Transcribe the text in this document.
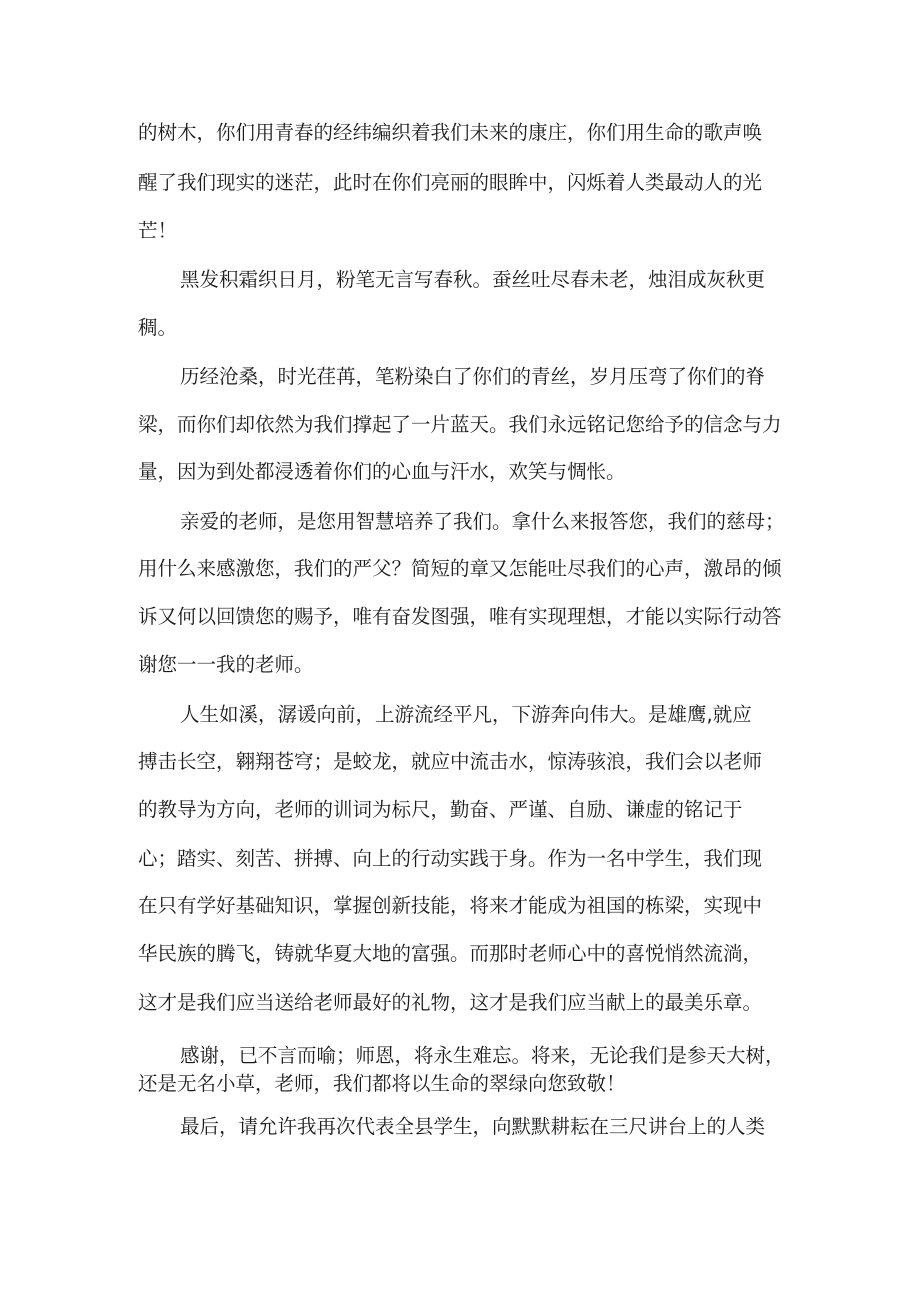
的树木，你们用青春的经纬编织着我们未来的康庄，你们用生命的歌声唤
醒了我们现实的迷茫，此时在你们亮丽的眼眸中，闪烁着人类最动人的光
芒！
黑发积霜织日月，粉笔无言写春秋。蚕丝吐尽春未老，烛泪成灰秋更
稠。
历经沧桑，时光荏苒，笔粉染白了你们的青丝，岁月压弯了你们的脊
梁，而你们却依然为我们撑起了一片蓝天。我们永远铭记您给予的信念与力
量，因为到处都浸透着你们的心血与汗水，欢笑与惆怅。
亲爱的老师，是您用智慧培养了我们。拿什么来报答您，我们的慈母；
用什么来感激您，我们的严父？简短的章又怎能吐尽我们的心声，激昂的倾
诉又何以回馈您的赐予，唯有奋发图强，唯有实现理想，才能以实际行动答
谢您一一我的老师。
人生如溪，潺谖向前，上游流经平凡，下游奔向伟大。是雄鹰,就应
搏击长空，翱翔苍穹；是蛟龙，就应中流击水，惊涛骇浪，我们会以老师
的教导为方向，老师的训词为标尺，勤奋、严谨、自励、谦虚的铭记于
心；踏实、刻苦、拼搏、向上的行动实践于身。作为一名中学生，我们现
在只有学好基础知识，掌握创新技能，将来才能成为祖国的栋梁，实现中
华民族的腾飞，铸就华夏大地的富强。而那时老师心中的喜悦悄然流淌，
这才是我们应当送给老师最好的礼物，这才是我们应当献上的最美乐章。
感谢，已不言而喻；师恩，将永生难忘。将来，无论我们是参天大树，
还是无名小草，老师，我们都将以生命的翠绿向您致敬！
最后，请允许我再次代表全县学生，向默默耕耘在三尺讲台上的人类
